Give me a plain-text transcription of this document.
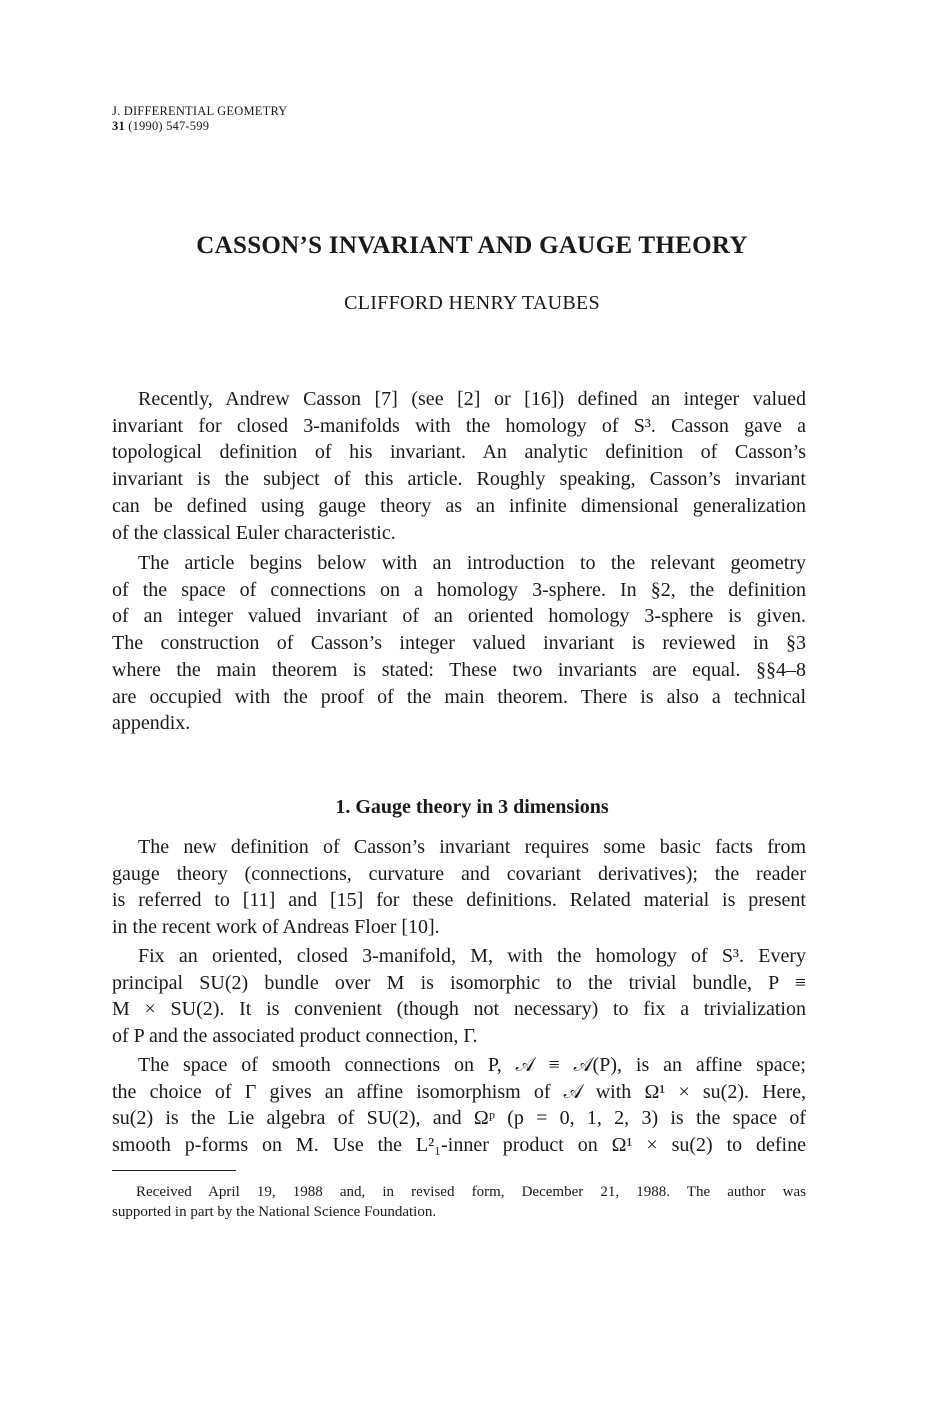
J. DIFFERENTIAL GEOMETRY
31 (1990) 547-599
CASSON’S INVARIANT AND GAUGE THEORY
CLIFFORD HENRY TAUBES
Recently, Andrew Casson [7] (see [2] or [16]) defined an integer valued
invariant for closed 3-manifolds with the homology of S³. Casson gave a
topological definition of his invariant. An analytic definition of Casson’s
invariant is the subject of this article. Roughly speaking, Casson’s invariant
can be defined using gauge theory as an infinite dimensional generalization
of the classical Euler characteristic.
The article begins below with an introduction to the relevant geometry
of the space of connections on a homology 3-sphere. In §2, the definition
of an integer valued invariant of an oriented homology 3-sphere is given.
The construction of Casson’s integer valued invariant is reviewed in §3
where the main theorem is stated: These two invariants are equal. §§4–8
are occupied with the proof of the main theorem. There is also a technical
appendix.
1. Gauge theory in 3 dimensions
The new definition of Casson’s invariant requires some basic facts from
gauge theory (connections, curvature and covariant derivatives); the reader
is referred to [11] and [15] for these definitions. Related material is present
in the recent work of Andreas Floer [10].
Fix an oriented, closed 3-manifold, M, with the homology of S³. Every
principal SU(2) bundle over M is isomorphic to the trivial bundle, P ≡
M × SU(2). It is convenient (though not necessary) to fix a trivialization
of P and the associated product connection, Γ.
The space of smooth connections on P, 𝒜 ≡ 𝒜(P), is an affine space;
the choice of Γ gives an affine isomorphism of 𝒜 with Ω¹ × su(2). Here,
su(2) is the Lie algebra of SU(2), and Ωᵖ (p = 0, 1, 2, 3) is the space of
smooth p-forms on M. Use the L²₁-inner product on Ω¹ × su(2) to define
Received April 19, 1988 and, in revised form, December 21, 1988. The author was
supported in part by the National Science Foundation.
